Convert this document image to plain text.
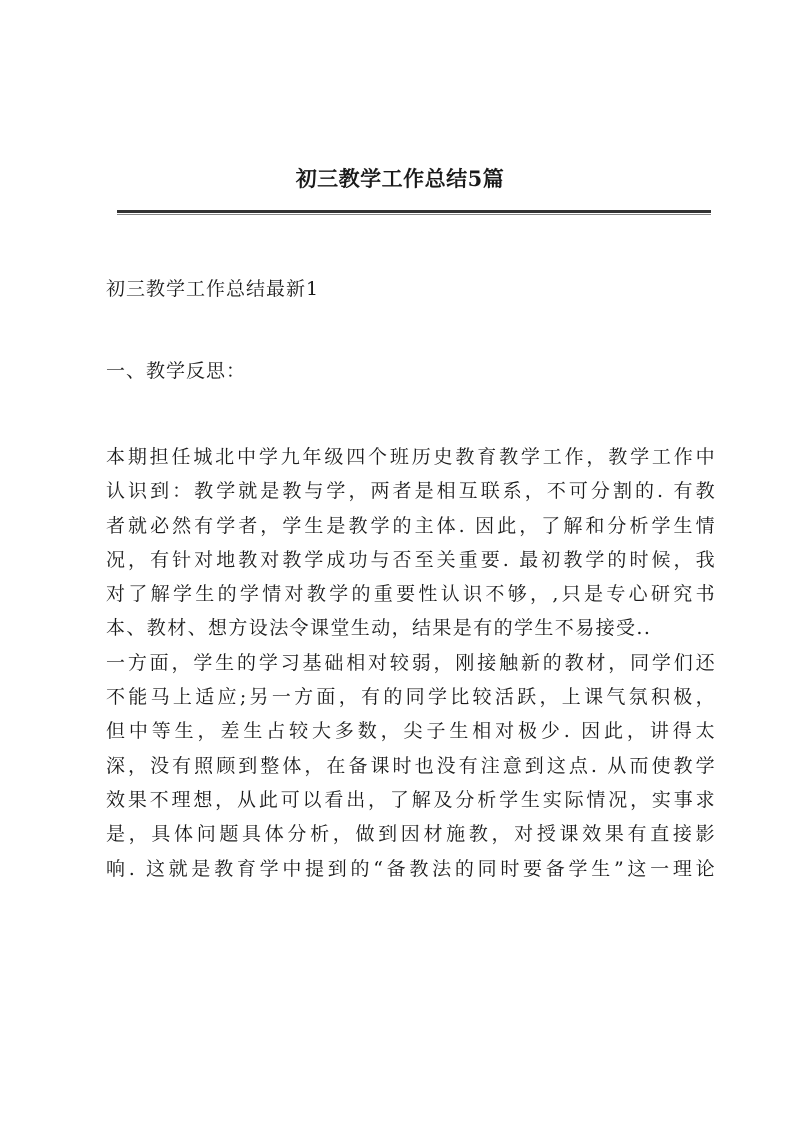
初三教学工作总结5篇
初三教学工作总结最新1
一、教学反思：
本期担任城北中学九年级四个班历史教育教学工作，教学工作中
认识到：教学就是教与学，两者是相互联系，不可分割的. 有教
者就必然有学者，学生是教学的主体. 因此，了解和分析学生情
况，有针对地教对教学成功与否至关重要. 最初教学的时候，我
对了解学生的学情对教学的重要性认识不够，,只是专心研究书
本、教材、想方设法令课堂生动，结果是有的学生不易接受..
一方面，学生的学习基础相对较弱，刚接触新的教材，同学们还
不能马上适应;另一方面，有的同学比较活跃，上课气氛积极，
但中等生，差生占较大多数，尖子生相对极少. 因此，讲得太
深，没有照顾到整体，在备课时也没有注意到这点. 从而使教学
效果不理想，从此可以看出，了解及分析学生实际情况，实事求
是，具体问题具体分析，做到因材施教，对授课效果有直接影
响. 这就是教育学中提到的“备教法的同时要备学生”这一理论
